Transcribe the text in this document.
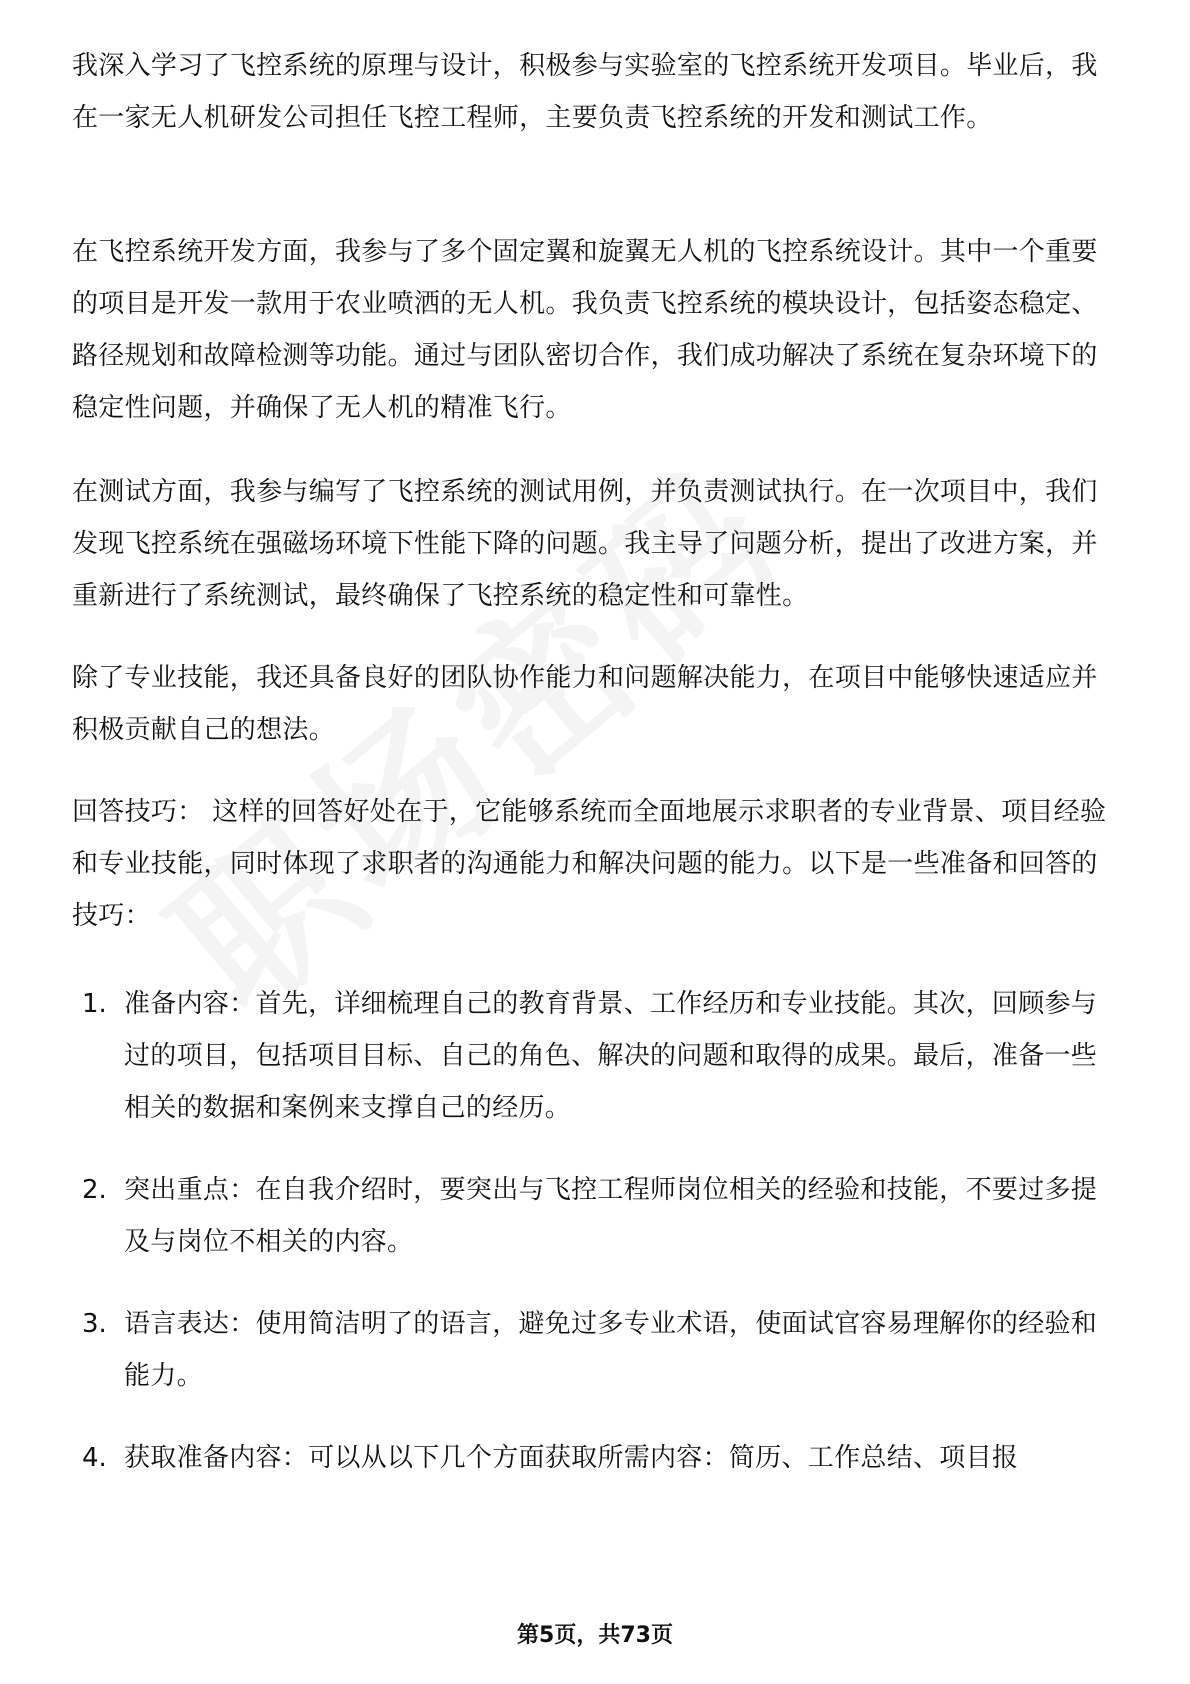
我深入学习了飞控系统的原理与设计，积极参与实验室的飞控系统开发项目。毕业后，我在一家无人机研发公司担任飞控工程师，主要负责飞控系统的开发和测试工作。

在飞控系统开发方面，我参与了多个固定翼和旋翼无人机的飞控系统设计。其中一个重要的项目是开发一款用于农业喷洒的无人机。我负责飞控系统的模块设计，包括姿态稳定、路径规划和故障检测等功能。通过与团队密切合作，我们成功解决了系统在复杂环境下的稳定性问题，并确保了无人机的精准飞行。

在测试方面，我参与编写了飞控系统的测试用例，并负责测试执行。在一次项目中，我们发现飞控系统在强磁场环境下性能下降的问题。我主导了问题分析，提出了改进方案，并重新进行了系统测试，最终确保了飞控系统的稳定性和可靠性。

除了专业技能，我还具备良好的团队协作能力和问题解决能力，在项目中能够快速适应并积极贡献自己的想法。

回答技巧： 这样的回答好处在于，它能够系统而全面地展示求职者的专业背景、项目经验和专业技能，同时体现了求职者的沟通能力和解决问题的能力。以下是一些准备和回答的技巧：

1. 准备内容：首先，详细梳理自己的教育背景、工作经历和专业技能。其次，回顾参与过的项目，包括项目目标、自己的角色、解决的问题和取得的成果。最后，准备一些相关的数据和案例来支撑自己的经历。
2. 突出重点：在自我介绍时，要突出与飞控工程师岗位相关的经验和技能，不要过多提及与岗位不相关的内容。
3. 语言表达：使用简洁明了的语言，避免过多专业术语，使面试官容易理解你的经验和能力。
4. 获取准备内容：可以从以下几个方面获取所需内容：简历、工作总结、项目报
第5页，共73页
